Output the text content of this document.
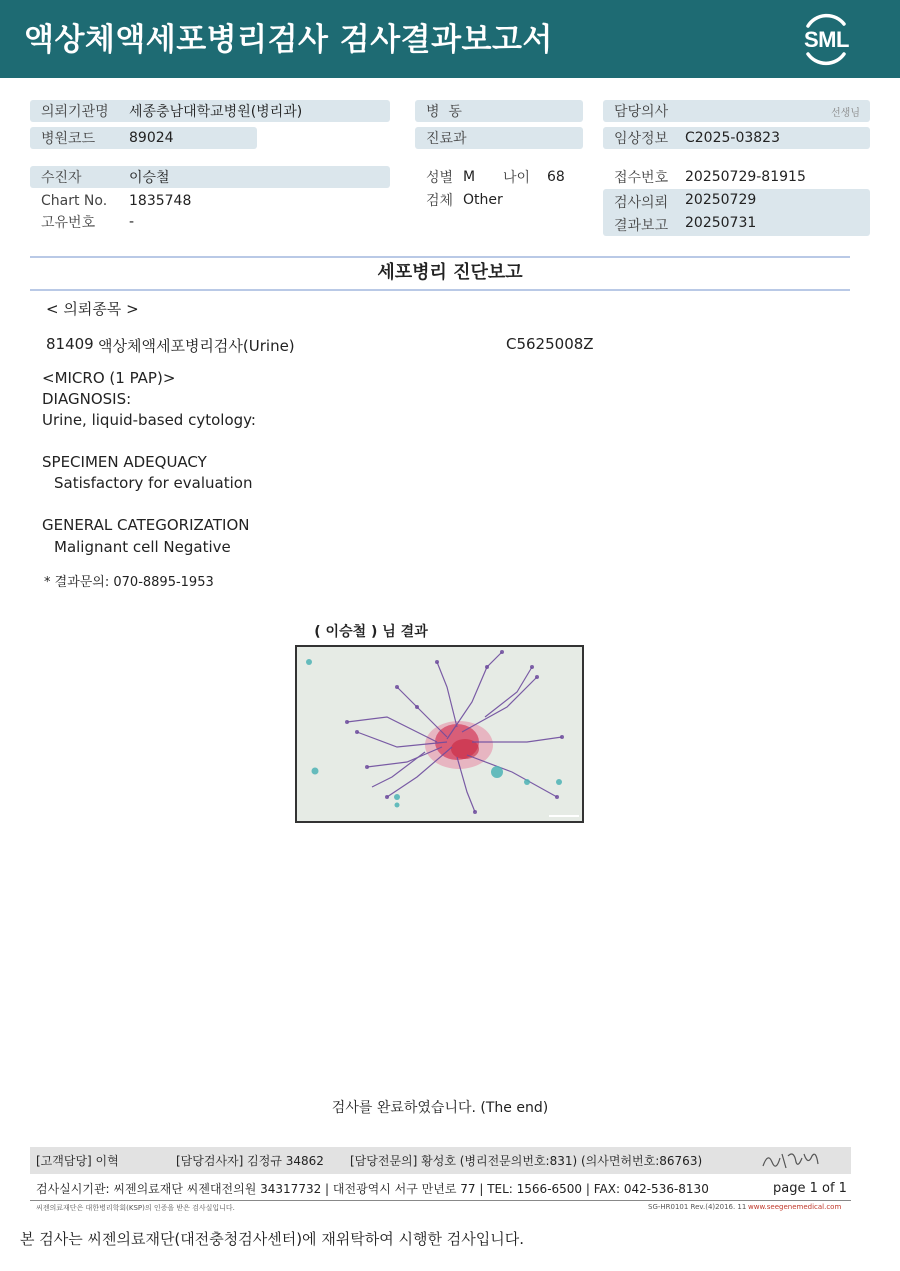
액상체액세포병리검사 검사결과보고서	SML
의뢰기관명 세종충남대학교병원(병리과)
병원코드 89024
수진자	이승철
Chart No. 1835748
고유번호 -
병  동
진료과
성별 M 나이 68
검체 Other
담당의사	선생님
임상정보 C2025-03823
접수번호 20250729-81915
검사의뢰 20250729
결과보고 20250731
세포병리 진단보고
< 의뢰종목 >
81409 액상체액세포병리검사(Urine)	C5625008Z
<MICRO (1 PAP)>
DIAGNOSIS:
Urine, liquid-based cytology:
SPECIMEN ADEQUACY
Satisfactory for evaluation
GENERAL CATEGORIZATION
Malignant cell Negative
* 결과문의: 070-8895-1953
( 이승철 ) 님 결과
검사를 완료하였습니다. (The end)
[고객담당] 이혁	[담당검사자] 김정규 34862 [담당전문의] 황성호 (병리전문의번호:831) (의사면허번호:86763)
검사실시기관: 씨젠의료재단 씨젠대전의원 34317732 | 대전광역시 서구 만년로 77 | TEL: 1566-6500 | FAX: 042-536-8130	page 1 of 1
씨젠의료재단은 대한병리학회(KSP)의 인증을 받은 검사실입니다.	SG-HR0101 Rev.(4)2016. 11 www.seegenemedical.com
본 검사는 씨젠의료재단(대전충청검사센터)에 재위탁하여 시행한 검사입니다.
